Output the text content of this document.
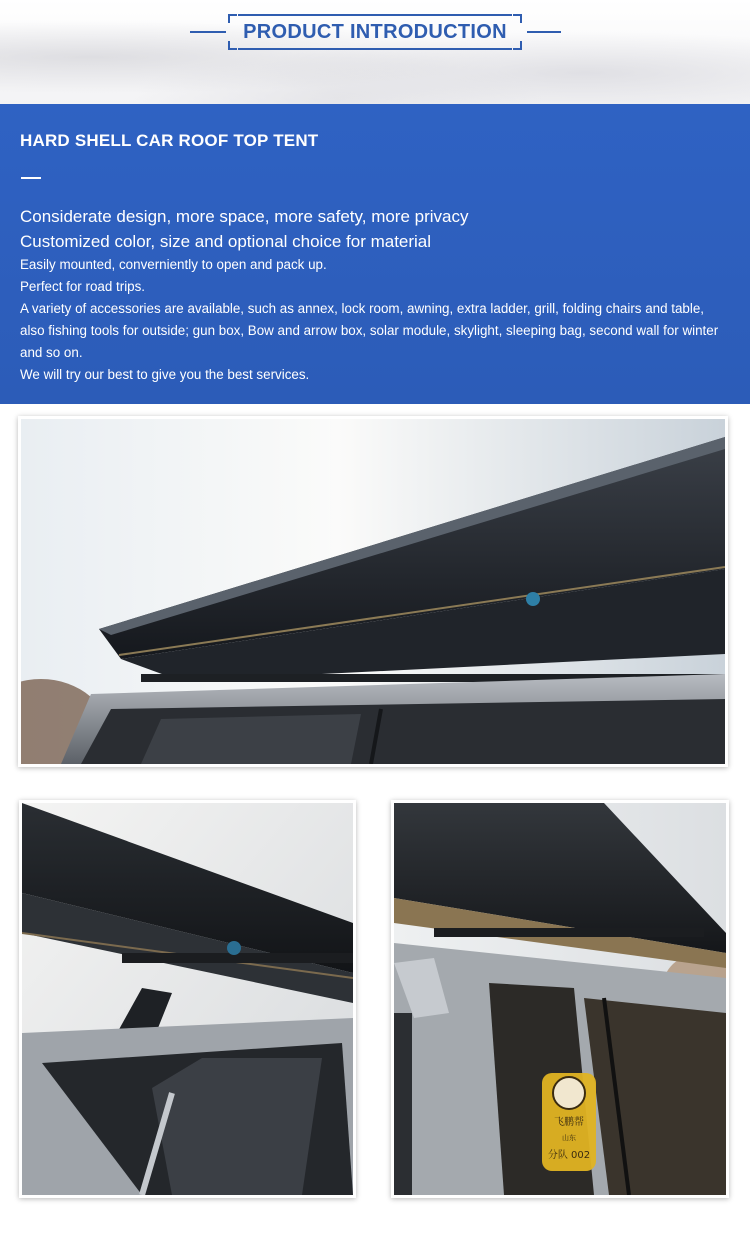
PRODUCT INTRODUCTION
HARD SHELL CAR ROOF TOP TENT
Considerate design, more space, more safety, more privacy
Customized color, size and optional choice for material
Easily mounted, converniently to open and pack up.
Perfect for road trips.
A variety of accessories are available, such as annex, lock room, awning, extra ladder, grill, folding chairs and table, also fishing tools for outside; gun box, Bow and arrow box, solar module, skylight, sleeping bag, second wall for winter and so on.
We will try our best to give you the best services.
飞鹏帮
山东
分队 002
